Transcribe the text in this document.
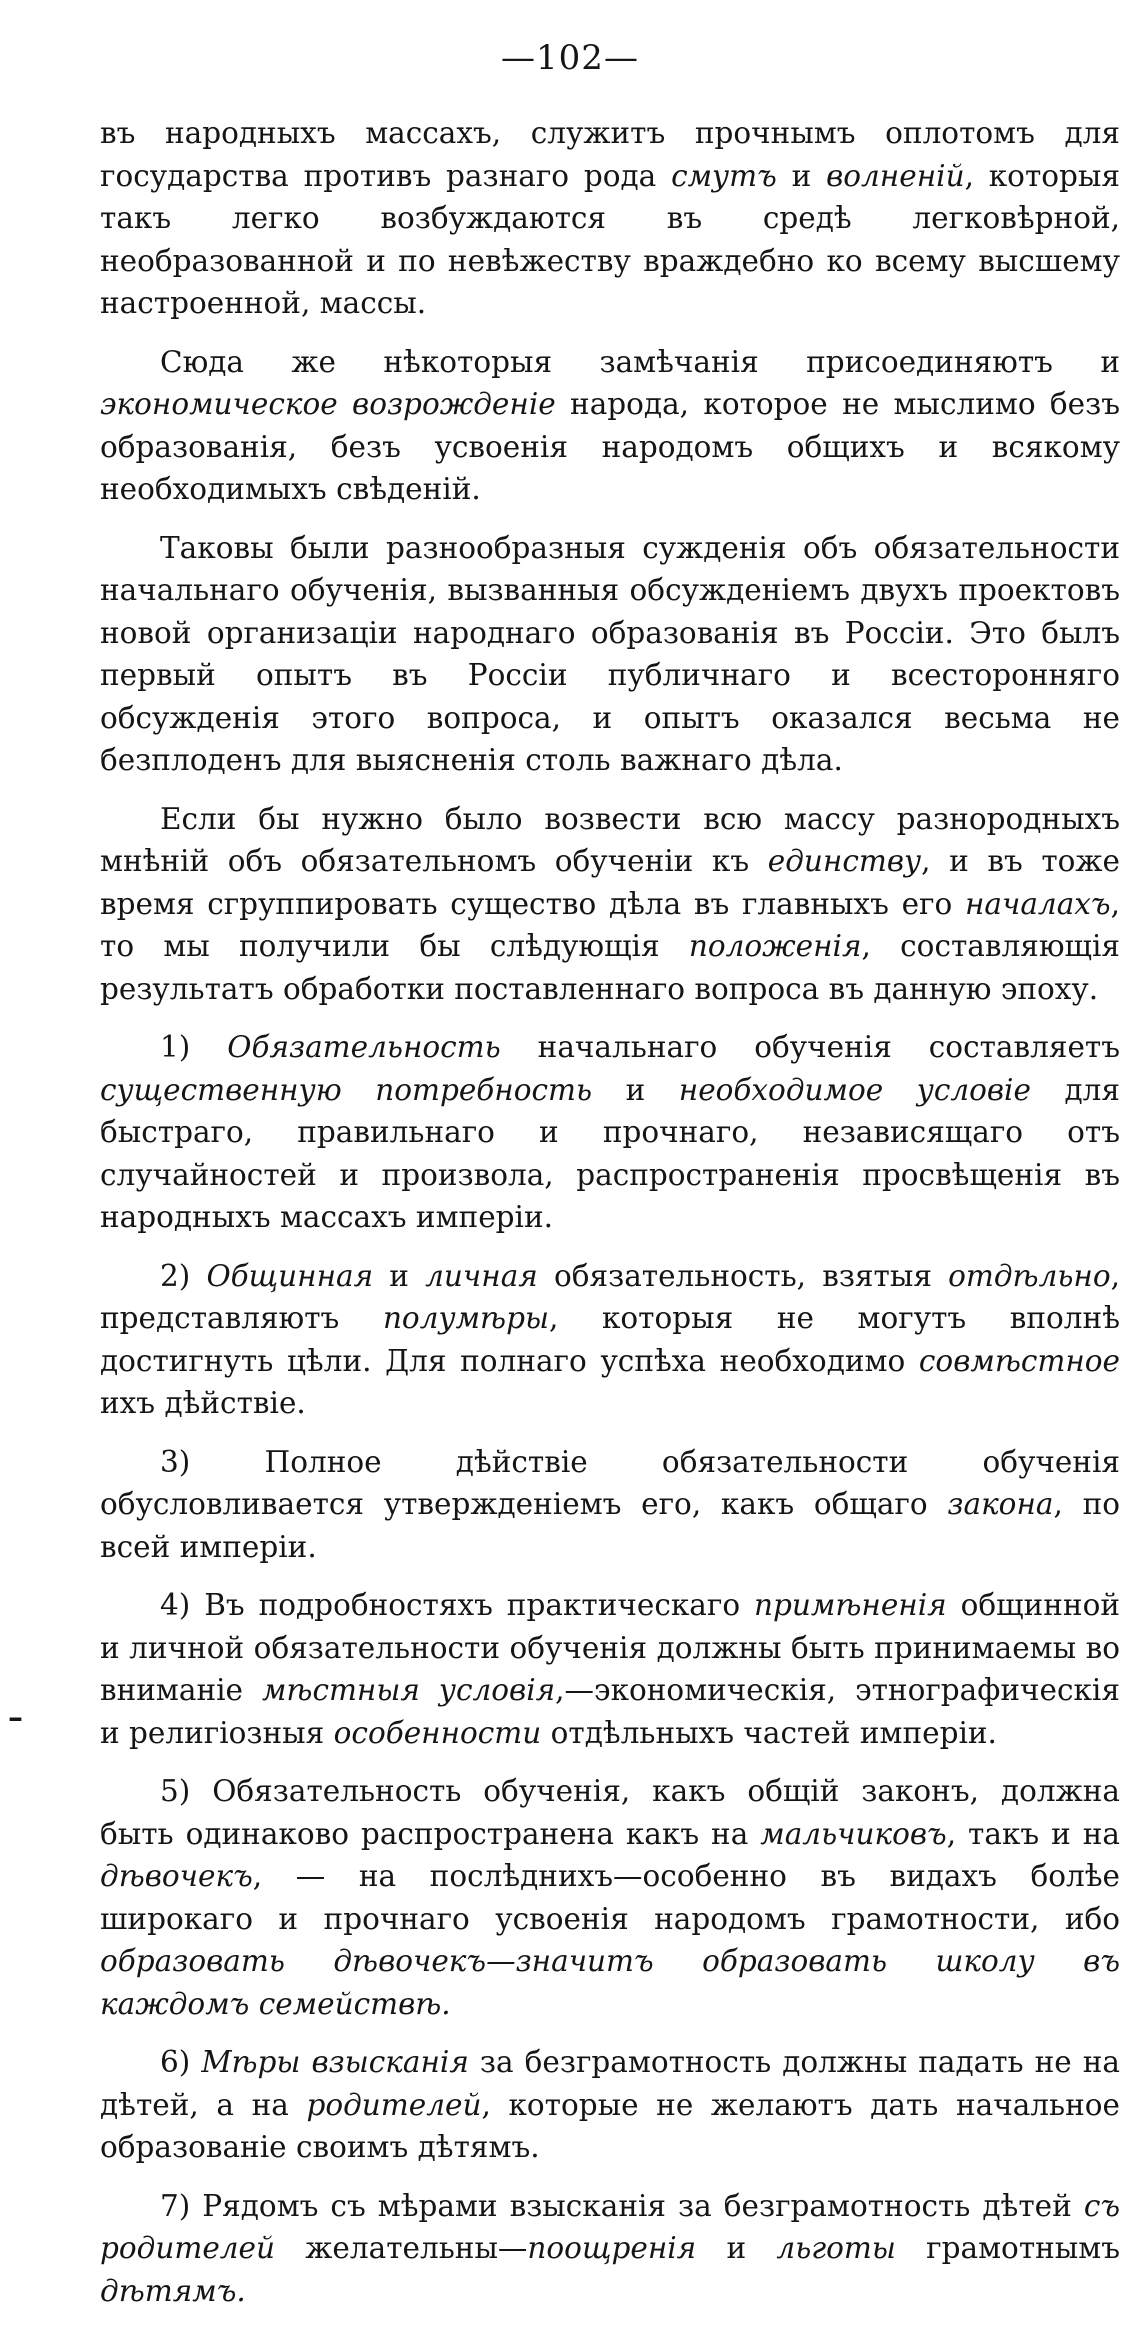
—102—

въ народныхъ массахъ, служитъ прочнымъ оплотомъ для государства противъ разнаго рода смутъ и волненій, которыя такъ легко возбуждаются въ средѣ легковѣрной, необразованной и по невѣжеству враждебно ко всему высшему настроенной, массы.

Сюда же нѣкоторыя замѣчанія присоединяютъ и экономическое возрожденіе народа, которое не мыслимо безъ образованія, безъ усвоенія народомъ общихъ и всякому необходимыхъ свѣденій.

Таковы были разнообразныя сужденія объ обязательности начальнаго обученія, вызванныя обсужденіемъ двухъ проектовъ новой организаціи народнаго образованія въ Россіи. Это былъ первый опытъ въ Россіи публичнаго и всесторонняго обсужденія этого вопроса, и опытъ оказался весьма не безплоденъ для выясненія столь важнаго дѣла.

Если бы нужно было возвести всю массу разнородныхъ мнѣній объ обязательномъ обученіи къ единству, и въ тоже время сгруппировать существо дѣла въ главныхъ его началахъ, то мы получили бы слѣдующія положенія, составляющія результатъ обработки поставленнаго вопроса въ данную эпоху.

1) Обязательность начальнаго обученія составляетъ существенную потребность и необходимое условіе для быстраго, правильнаго и прочнаго, независящаго отъ случайностей и произвола, распространенія просвѣщенія въ народныхъ массахъ имперіи.

2) Общинная и личная обязательность, взятыя отдѣльно, представляютъ полумѣры, которыя не могутъ вполнѣ достигнуть цѣли. Для полнаго успѣха необходимо совмѣстное ихъ дѣйствіе.

3) Полное дѣйствіе обязательности обученія обусловливается утвержденіемъ его, какъ общаго закона, по всей имперіи.

4) Въ подробностяхъ практическаго примѣненія общинной и личной обязательности обученія должны быть принимаемы во вниманіе мѣстныя условія,—экономическія, этнографическія и религіозныя особенности отдѣльныхъ частей имперіи.

5) Обязательность обученія, какъ общій законъ, должна быть одинаково распространена какъ на мальчиковъ, такъ и на дѣвочекъ, — на послѣднихъ—особенно въ видахъ болѣе широкаго и прочнаго усвоенія народомъ грамотности, ибо образовать дѣвочекъ—значитъ образовать школу въ каждомъ семействѣ.

6) Мѣры взысканія за безграмотность должны падать не на дѣтей, а на родителей, которые не желаютъ дать начальное образованіе своимъ дѣтямъ.

7) Рядомъ съ мѣрами взысканія за безграмотность дѣтей съ родителей желательны—поощренія и льготы грамотнымъ дѣтямъ.

–
